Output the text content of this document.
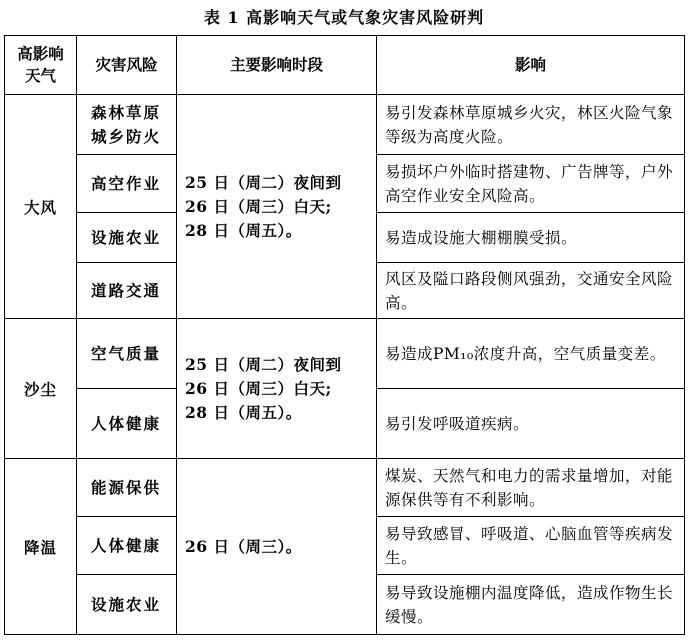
表 1 高影响天气或气象灾害风险研判
高影响
天气	灾害风险	主要影响时段	影响
大风	森林草原城乡防火	25 日（周二）夜间到
26 日（周三）白天;
28 日（周五）。	易引发森林草原城乡火灾，林区火险气象等级为高度火险。
	高空作业		易损坏户外临时搭建物、广告牌等，户外高空作业安全风险高。
	设施农业		易造成设施大棚棚膜受损。
	道路交通		风区及隘口路段侧风强劲，交通安全风险高。
沙尘	空气质量	25 日（周二）夜间到
26 日（周三）白天;
28 日（周五）。	易造成PM₁₀浓度升高，空气质量变差。
	人体健康		易引发呼吸道疾病。
降温	能源保供	26 日（周三）。	煤炭、天然气和电力的需求量增加，对能源保供等有不利影响。
	人体健康		易导致感冒、呼吸道、心脑血管等疾病发生。
	设施农业		易导致设施棚内温度降低，造成作物生长缓慢。
